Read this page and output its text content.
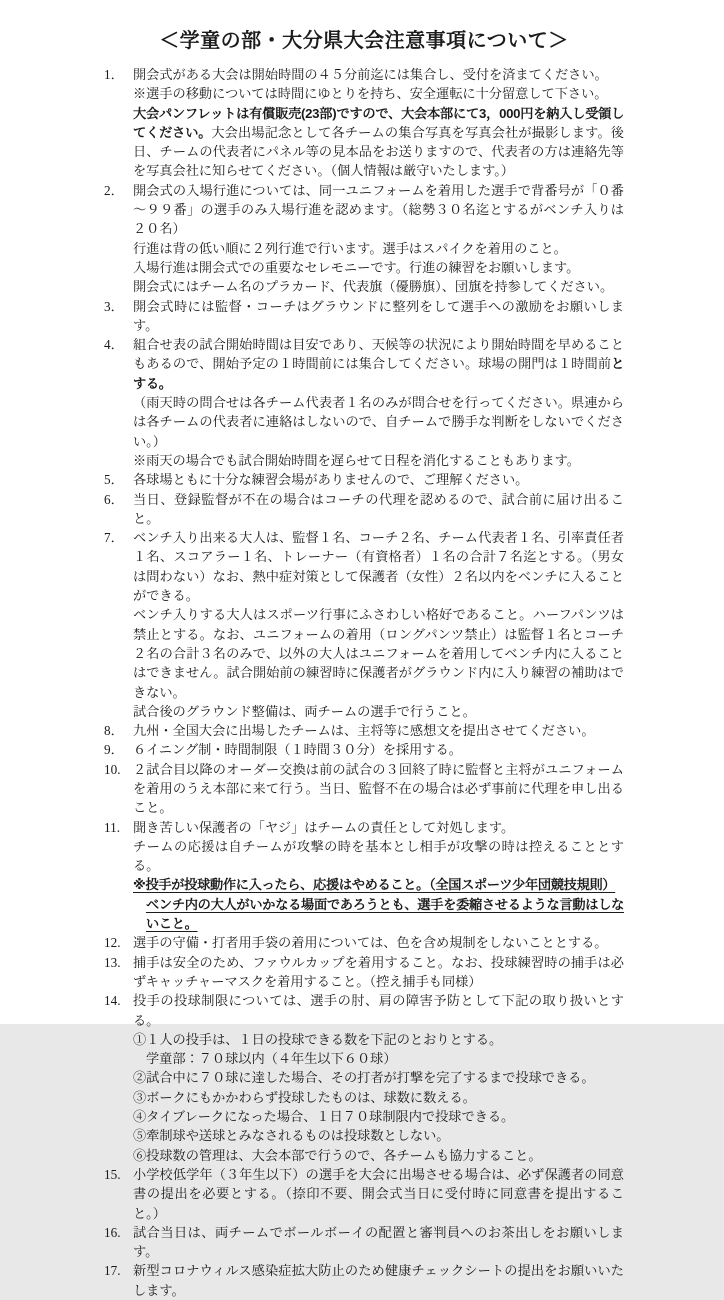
＜学童の部・大分県大会注意事項について＞
1． 開会式がある大会は開始時間の４５分前迄には集合し、受付を済まてください。
※選手の移動については時間にゆとりを持ち、安全運転に十分留意して下さい。
大会パンフレットは有償販売(23部)ですので、大会本部にて3，000円を納入し受領してください。大会出場記念として各チームの集合写真を写真会社が撮影します。後日、チームの代表者にパネル等の見本品をお送りますので、代表者の方は連絡先等を写真会社に知らせてください。（個人情報は厳守いたします。）
2． 開会式の入場行進については、同一ユニフォームを着用した選手で背番号が「０番～９９番」の選手のみ入場行進を認めます。（総勢３０名迄とするがベンチ入りは２０名）
行進は背の低い順に２列行進で行います。選手はスパイクを着用のこと。
入場行進は開会式での重要なセレモニーです。行進の練習をお願いします。
開会式にはチーム名のプラカード、代表旗（優勝旗）、団旗を持参してください。
3． 開会式時には監督・コーチはグラウンドに整列をして選手への激励をお願いします。
4． 組合せ表の試合開始時間は目安であり、天候等の状況により開始時間を早めることもあるので、開始予定の１時間前には集合してください。球場の開門は１時間前とする。
（雨天時の問合せは各チーム代表者１名のみが問合せを行ってください。県連からは各チームの代表者に連絡はしないので、自チームで勝手な判断をしないでください。）
※雨天の場合でも試合開始時間を遅らせて日程を消化することもあります。
5． 各球場ともに十分な練習会場がありませんので、ご理解ください。
6． 当日、登録監督が不在の場合はコーチの代理を認めるので、試合前に届け出ること。
7． ベンチ入り出来る大人は、監督１名、コーチ２名、チーム代表者１名、引率責任者１名、スコアラー１名、トレーナー（有資格者）１名の合計７名迄とする。（男女は問わない）なお、熱中症対策として保護者（女性）２名以内をベンチに入ることができる。
ベンチ入りする大人はスポーツ行事にふさわしい格好であること。ハーフパンツは禁止とする。なお、ユニフォームの着用（ロングパンツ禁止）は監督１名とコーチ２名の合計３名のみで、以外の大人はユニフォームを着用してベンチ内に入ることはできません。試合開始前の練習時に保護者がグラウンド内に入り練習の補助はできない。
試合後のグラウンド整備は、両チームの選手で行うこと。
8． 九州・全国大会に出場したチームは、主将等に感想文を提出させてください。
9． ６イニング制・時間制限（１時間３０分）を採用する。
10. ２試合目以降のオーダー交換は前の試合の３回終了時に監督と主将がユニフォームを着用のうえ本部に来て行う。当日、監督不在の場合は必ず事前に代理を申し出ること。
11. 聞き苦しい保護者の「ヤジ」はチームの責任として対処します。
チームの応援は自チームが攻撃の時を基本とし相手が攻撃の時は控えることとする。
※投手が投球動作に入ったら、応援はやめること。（全国スポーツ少年団競技規則）
ベンチ内の大人がいかなる場面であろうとも、選手を委縮させるような言動はしないこと。
12. 選手の守備・打者用手袋の着用については、色を含め規制をしないこととする。
13. 捕手は安全のため、ファウルカップを着用すること。なお、投球練習時の捕手は必ずキャッチャーマスクを着用すること。（控え捕手も同様）
14. 投手の投球制限については、選手の肘、肩の障害予防として下記の取り扱いとする。
①１人の投手は、１日の投球できる数を下記のとおりとする。
学童部：７０球以内（４年生以下６０球）
②試合中に７０球に達した場合、その打者が打撃を完了するまで投球できる。
③ボークにもかかわらず投球したものは、球数に数える。
④タイブレークになった場合、１日７０球制限内で投球できる。
⑤牽制球や送球とみなされるものは投球数としない。
⑥投球数の管理は、大会本部で行うので、各チームも協力すること。
15. 小学校低学年（３年生以下）の選手を大会に出場させる場合は、必ず保護者の同意書の提出を必要とする。（捺印不要、開会式当日に受付時に同意書を提出すること。）
16. 試合当日は、両チームでボールボーイの配置と審判員へのお茶出しをお願いします。
17. 新型コロナウィルス感染症拡大防止のため健康チェックシートの提出をお願いいたします。
